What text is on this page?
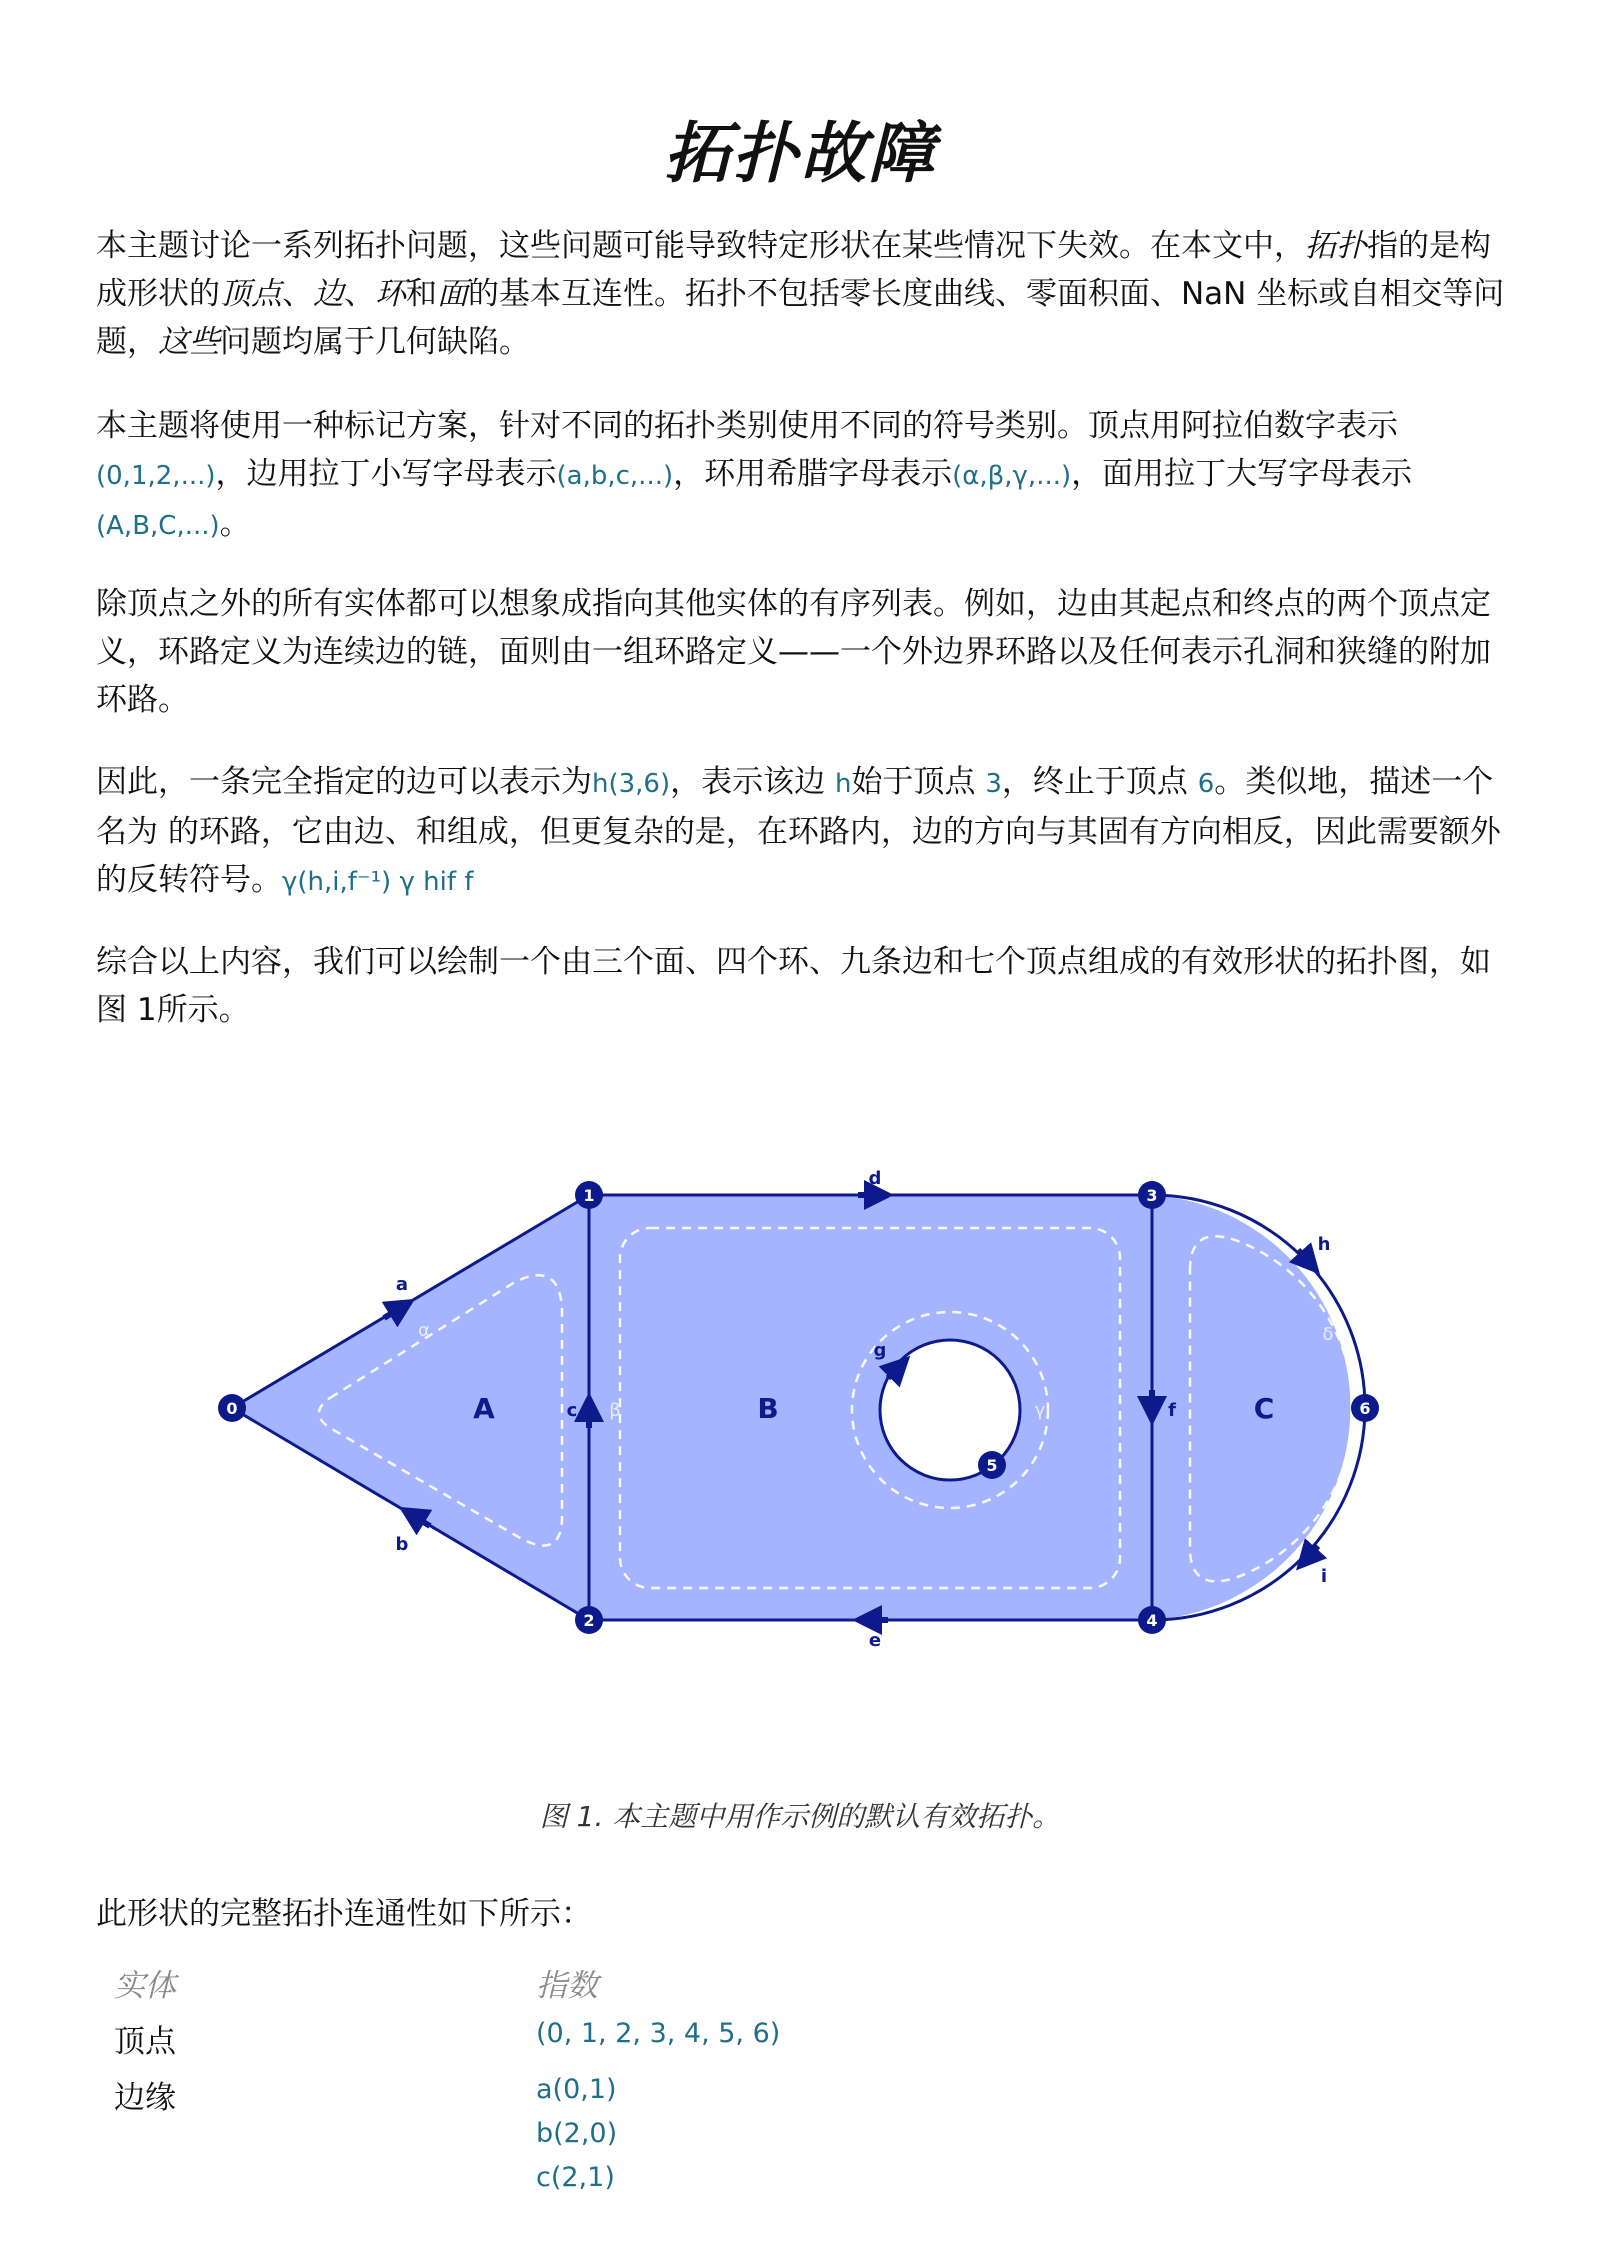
拓扑故障

本主题讨论一系列拓扑问题，这些问题可能导致特定形状在某些情况下失效。在本文中，拓扑指的是构成形状的顶点、边、环和面的基本互连性。拓扑不包括零长度曲线、零面积面、NaN 坐标或自相交等问题，这些问题均属于几何缺陷。

本主题将使用一种标记方案，针对不同的拓扑类别使用不同的符号类别。顶点用阿拉伯数字表示(0,1,2,...)，边用拉丁小写字母表示(a,b,c,...)，环用希腊字母表示(α,β,γ,...)，面用拉丁大写字母表示(A,B,C,...)。

除顶点之外的所有实体都可以想象成指向其他实体的有序列表。例如，边由其起点和终点的两个顶点定义，环路定义为连续边的链，面则由一组环路定义——一个外边界环路以及任何表示孔洞和狭缝的附加环路。

因此，一条完全指定的边可以表示为h(3,6)，表示该边 h始于顶点 3，终止于顶点 6。类似地，描述一个名为 的环路，它由边、和组成，但更复杂的是，在环路内，边的方向与其固有方向相反，因此需要额外的反转符号。γ(h,i,f⁻¹) γ hif f

综合以上内容，我们可以绘制一个由三个面、四个环、九条边和七个顶点组成的有效形状的拓扑图，如图 1所示。

a
b
c
d
e
f
g
h
i
α
β	γ
δ
A	B	C
0
1
2
3
4
5
6
图 1. 本主题中用作示例的默认有效拓扑。

此形状的完整拓扑连通性如下所示：

实体	指数
顶点	(0, 1, 2, 3, 4, 5, 6)
边缘	a(0,1)
b(2,0)
c(2,1)
